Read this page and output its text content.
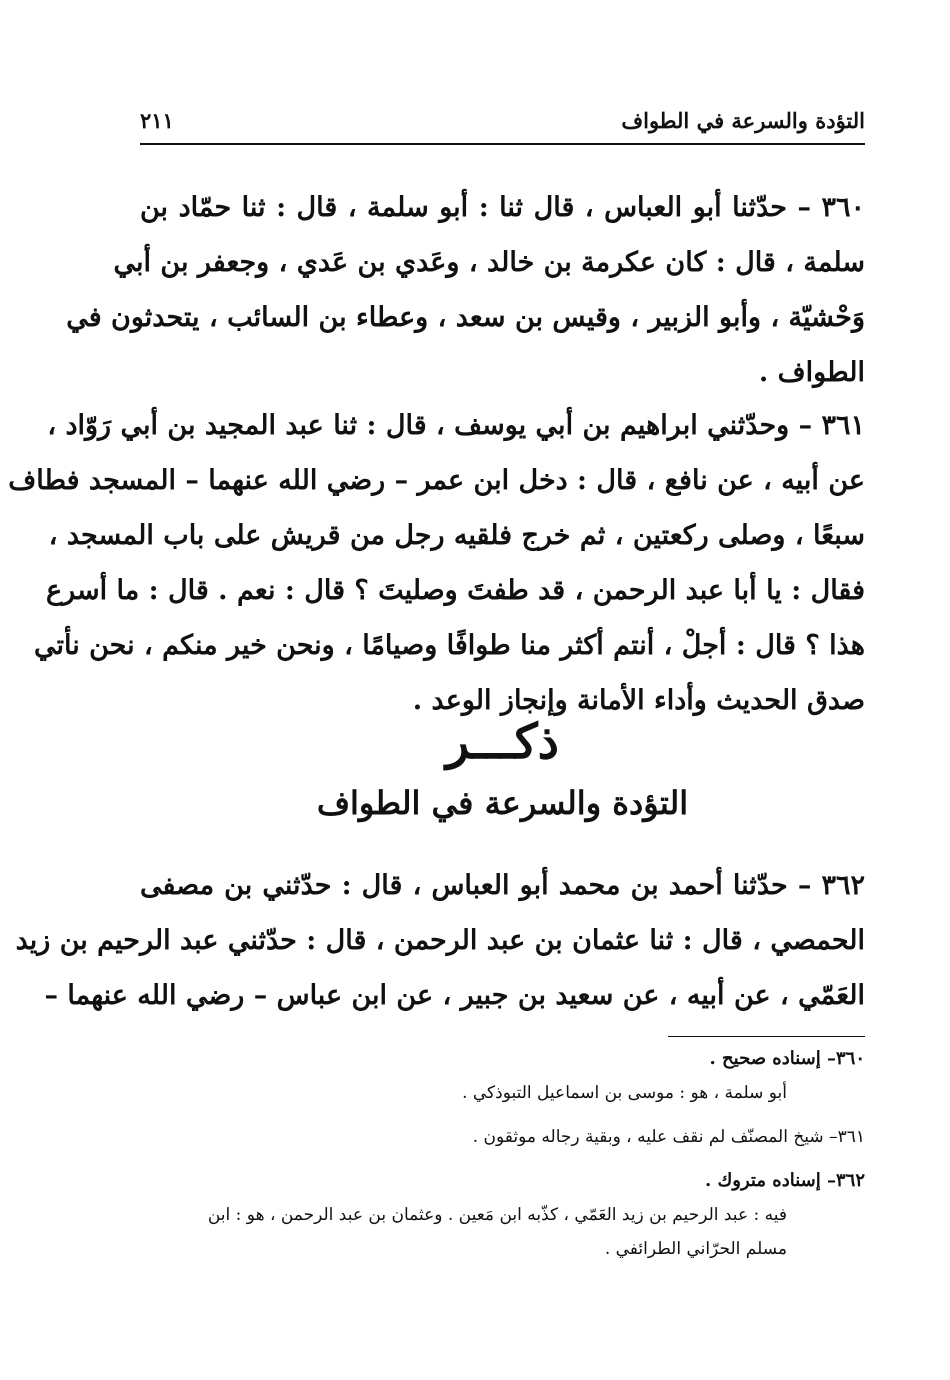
التؤدة والسرعة في الطواف
٢١١
٣٦٠ – حدّثنا أبو العباس ، قال ثنا : أبو سلمة ، قال : ثنا حمّاد بن
سلمة ، قال : كان عكرمة بن خالد ، وعَدي بن عَدي ، وجعفر بن أبي
وَحْشيّة ، وأبو الزبير ، وقيس بن سعد ، وعطاء بن السائب ، يتحدثون في
الطواف .
٣٦١ – وحدّثني ابراهيم بن أبي يوسف ، قال : ثنا عبد المجيد بن أبي رَوّاد ،
عن أبيه ، عن نافع ، قال : دخل ابن عمر – رضي الله عنهما – المسجد فطاف
سبعًا ، وصلى ركعتين ، ثم خرج فلقيه رجل من قريش على باب المسجد ،
فقال : يا أبا عبد الرحمن ، قد طفتَ وصليتَ ؟ قال : نعم . قال : ما أسرع
هذا ؟ قال : أجلْ ، أنتم أكثر منا طوافًا وصيامًا ، ونحن خير منكم ، نحن نأتي
صدق الحديث وأداء الأمانة وإنجاز الوعد .
ذكـــر
التؤدة والسرعة في الطواف
٣٦٢ – حدّثنا أحمد بن محمد أبو العباس ، قال : حدّثني بن مصفى
الحمصي ، قال : ثنا عثمان بن عبد الرحمن ، قال : حدّثني عبد الرحيم بن زيد
العَمّي ، عن أبيه ، عن سعيد بن جبير ، عن ابن عباس – رضي الله عنهما –
٣٦٠– إسناده صحيح .
أبو سلمة ، هو : موسى بن اسماعيل التبوذكي .
٣٦١– شيخ المصنّف لم نقف عليه ، وبقية رجاله موثقون .
٣٦٢– إسناده متروك .
فيه : عبد الرحيم بن زيد العَمّي ، كذّبه ابن مَعين . وعثمان بن عبد الرحمن ، هو : ابن
مسلم الحرّاني الطرائفي .
